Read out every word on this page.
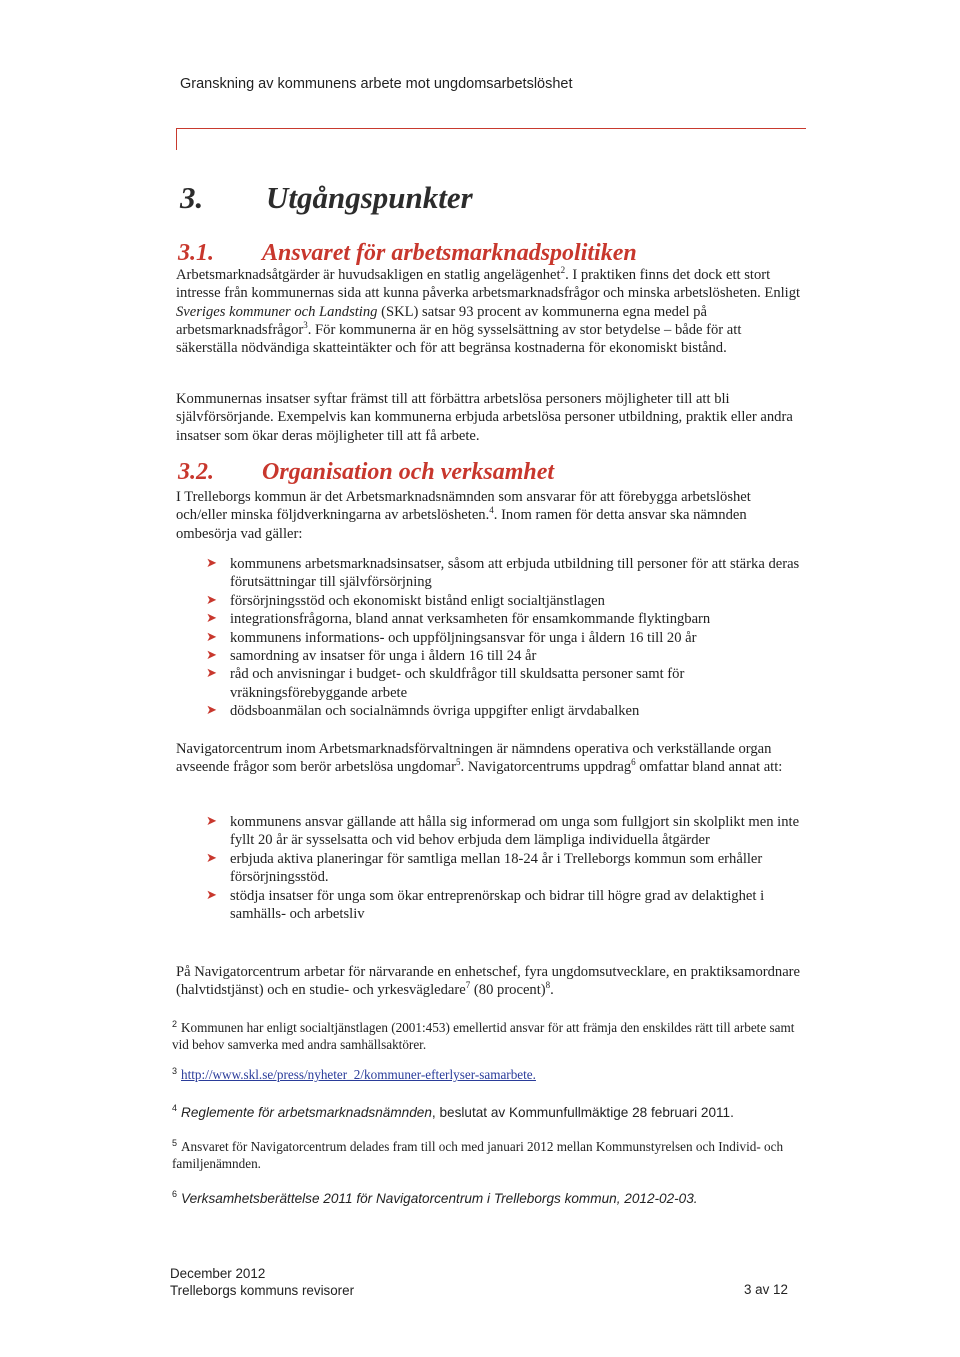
Granskning av kommunens arbete mot ungdomsarbetslöshet
3. Utgångspunkter
3.1. Ansvaret för arbetsmarknadspolitiken

Arbetsmarknadsåtgärder är huvudsakligen en statlig angelägenhet$^2$. I praktiken finns det dock ett stort intresse från kommunernas sida att kunna påverka arbetsmarknadsfrågor och minska arbetslösheten. Enligt Sveriges kommuner och Landsting (SKL) satsar 93 procent av kommunerna egna medel på arbetsmarknadsfrågor$^3$. För kommunerna är en hög sysselsättning av stor betydelse – både för att säkerställa nödvändiga skatteintäkter och för att begränsa kostnaderna för ekonomiskt bistånd.

Kommunernas insatser syftar främst till att förbättra arbetslösa personers möjligheter till att bli självförsörjande. Exempelvis kan kommunerna erbjuda arbetslösa personer utbildning, praktik eller andra insatser som ökar deras möjligheter till att få arbete.

3.2. Organisation och verksamhet

I Trelleborgs kommun är det Arbetsmarknadsnämnden som ansvarar för att förebygga arbetslöshet och/eller minska följdverkningarna av arbetslösheten.$^4$. Inom ramen för detta ansvar ska nämnden ombesörja vad gäller:

➤ kommunens arbetsmarknadsinsatser, såsom att erbjuda utbildning till personer för att stärka deras förutsättningar till självförsörjning
➤ försörjningsstöd och ekonomiskt bistånd enligt socialtjänstlagen
➤ integrationsfrågorna, bland annat verksamheten för ensamkommande flyktingbarn
➤ kommunens informations- och uppföljningsansvar för unga i åldern 16 till 20 år
➤ samordning av insatser för unga i åldern 16 till 24 år
➤ råd och anvisningar i budget- och skuldfrågor till skuldsatta personer samt för vräkningsförebyggande arbete
➤ dödsboanmälan och socialnämnds övriga uppgifter enligt ärvdabalken

Navigatorcentrum inom Arbetsmarknadsförvaltningen är nämndens operativa och verkställande organ avseende frågor som berör arbetslösa ungdomar$^5$. Navigatorcentrums uppdrag$^6$ omfattar bland annat att:

➤ kommunens ansvar gällande att hålla sig informerad om unga som fullgjort sin skolplikt men inte fyllt 20 år är sysselsatta och vid behov erbjuda dem lämpliga individuella åtgärder
➤ erbjuda aktiva planeringar för samtliga mellan 18-24 år i Trelleborgs kommun som erhåller försörjningsstöd.
➤ stödja insatser för unga som ökar entreprenörskap och bidrar till högre grad av delaktighet i samhälls- och arbetsliv

På Navigatorcentrum arbetar för närvarande en enhetschef, fyra ungdomsutvecklare, en praktiksamordnare (halvtidstjänst) och en studie- och yrkesvägledare$^7$ (80 procent)$^8$.

$^2$ Kommunen har enligt socialtjänstlagen (2001:453) emellertid ansvar för att främja den enskildes rätt till arbete samt vid behov samverka med andra samhällsaktörer.
$^3$ http://www.skl.se/press/nyheter_2/kommuner-efterlyser-samarbete.
$^4$ Reglemente för arbetsmarknadsnämnden, beslutat av Kommunfullmäktige 28 februari 2011.
$^5$ Ansvaret för Navigatorcentrum delades fram till och med januari 2012 mellan Kommunstyrelsen och Individ- och familjenämnden.
$^6$ Verksamhetsberättelse 2011 för Navigatorcentrum i Trelleborgs kommun, 2012-02-03.
December 2012
Trelleborgs kommuns revisorer	3 av 12
